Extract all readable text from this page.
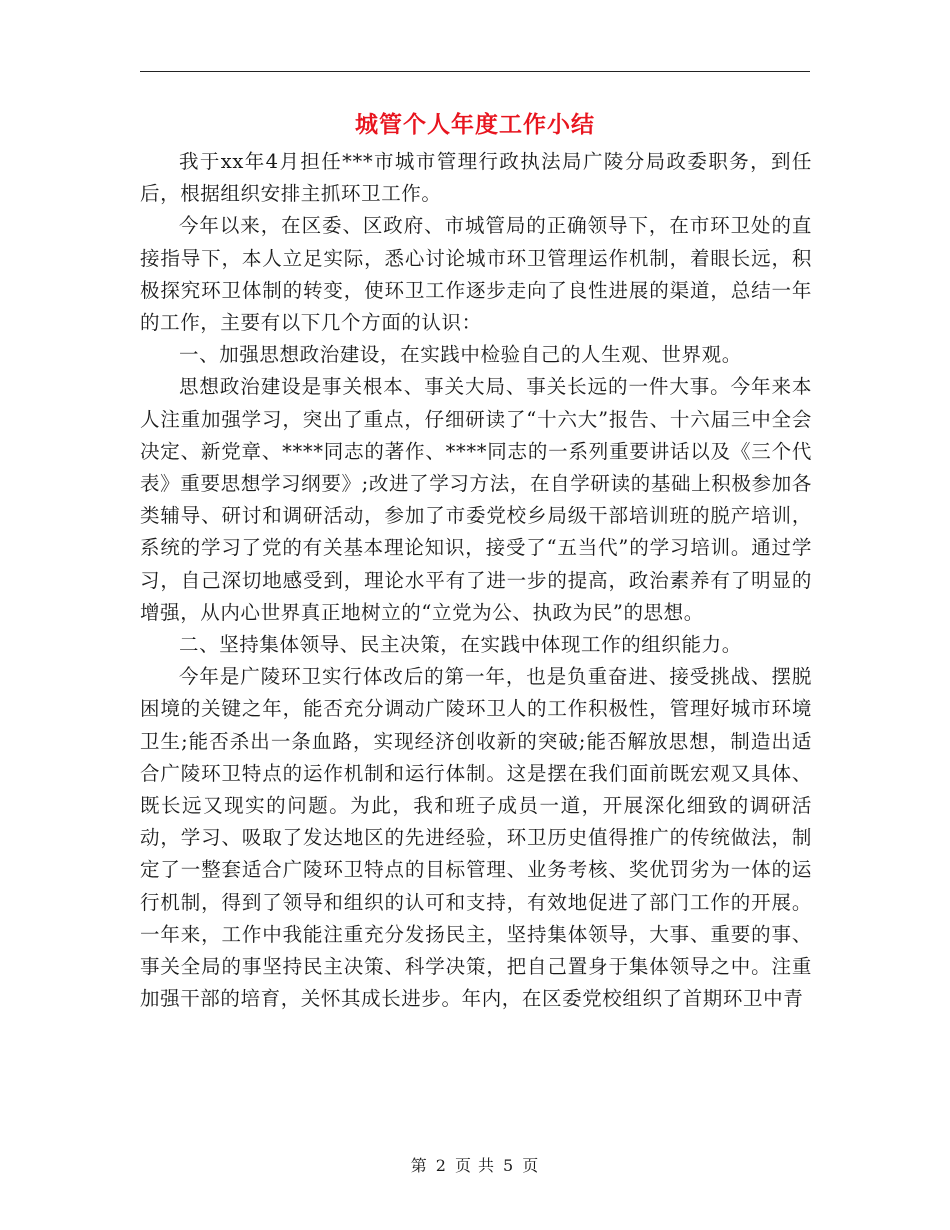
城管个人年度工作小结

我于xx年4月担任***市城市管理行政执法局广陵分局政委职务，到任后，根据组织安排主抓环卫工作。

今年以来，在区委、区政府、市城管局的正确领导下，在市环卫处的直接指导下，本人立足实际，悉心讨论城市环卫管理运作机制，着眼长远，积极探究环卫体制的转变，使环卫工作逐步走向了良性进展的渠道，总结一年的工作，主要有以下几个方面的认识：

一、加强思想政治建设，在实践中检验自己的人生观、世界观。

思想政治建设是事关根本、事关大局、事关长远的一件大事。今年来本人注重加强学习，突出了重点，仔细研读了“十六大”报告、十六届三中全会决定、新党章、****同志的著作、****同志的一系列重要讲话以及《三个代表》重要思想学习纲要》;改进了学习方法，在自学研读的基础上积极参加各类辅导、研讨和调研活动，参加了市委党校乡局级干部培训班的脱产培训，系统的学习了党的有关基本理论知识，接受了“五当代”的学习培训。通过学习，自己深切地感受到，理论水平有了进一步的提高，政治素养有了明显的增强，从内心世界真正地树立的“立党为公、执政为民”的思想。

二、坚持集体领导、民主决策，在实践中体现工作的组织能力。

今年是广陵环卫实行体改后的第一年，也是负重奋进、接受挑战、摆脱困境的关键之年，能否充分调动广陵环卫人的工作积极性，管理好城市环境卫生;能否杀出一条血路，实现经济创收新的突破;能否解放思想，制造出适合广陵环卫特点的运作机制和运行体制。这是摆在我们面前既宏观又具体、既长远又现实的问题。为此，我和班子成员一道，开展深化细致的调研活动，学习、吸取了发达地区的先进经验，环卫历史值得推广的传统做法，制定了一整套适合广陵环卫特点的目标管理、业务考核、奖优罚劣为一体的运行机制，得到了领导和组织的认可和支持，有效地促进了部门工作的开展。一年来，工作中我能注重充分发扬民主，坚持集体领导，大事、重要的事、事关全局的事坚持民主决策、科学决策，把自己置身于集体领导之中。注重加强干部的培育，关怀其成长进步。年内，在区委党校组织了首期环卫中青

第 2 页 共 5 页
